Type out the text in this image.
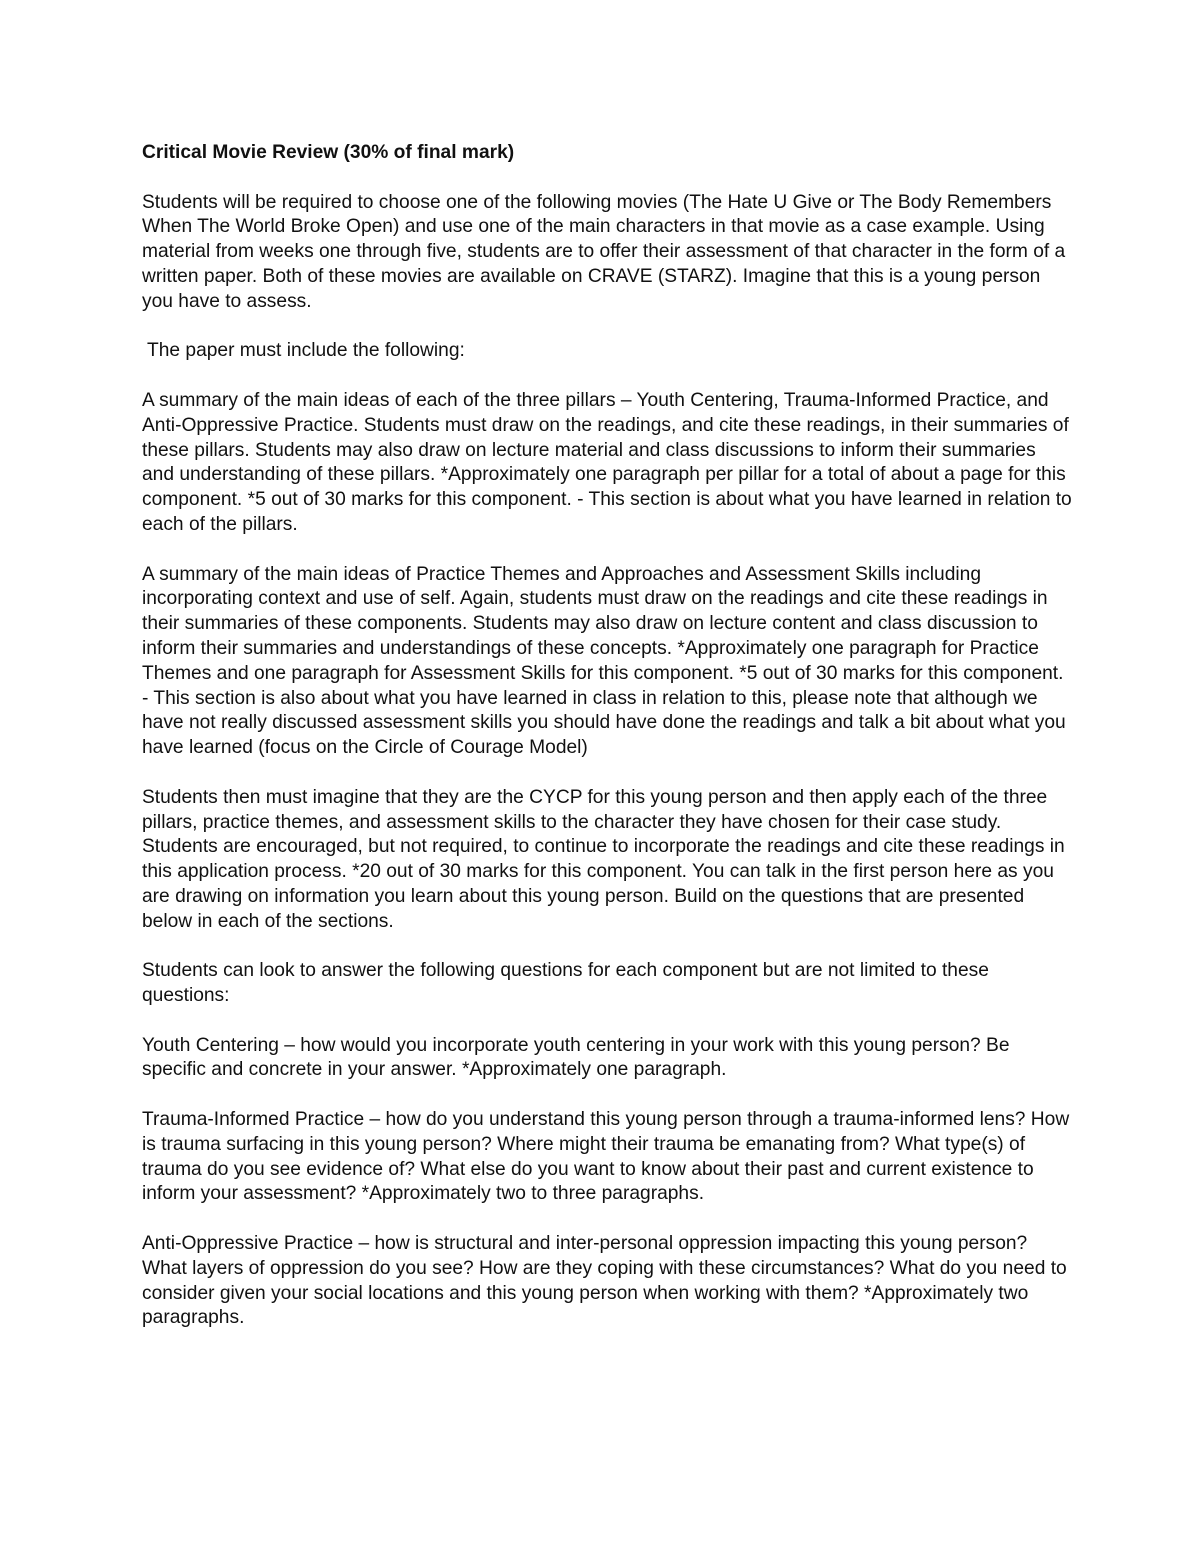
Critical Movie Review (30% of final mark)

Students will be required to choose one of the following movies (The Hate U Give or The Body Remembers When The World Broke Open) and use one of the main characters in that movie as a case example. Using material from weeks one through five, students are to offer their assessment of that character in the form of a written paper. Both of these movies are available on CRAVE (STARZ). Imagine that this is a young person you have to assess.

The paper must include the following:

A summary of the main ideas of each of the three pillars – Youth Centering, Trauma-Informed Practice, and Anti-Oppressive Practice. Students must draw on the readings, and cite these readings, in their summaries of these pillars. Students may also draw on lecture material and class discussions to inform their summaries and understanding of these pillars. *Approximately one paragraph per pillar for a total of about a page for this component. *5 out of 30 marks for this component. - This section is about what you have learned in relation to each of the pillars.

A summary of the main ideas of Practice Themes and Approaches and Assessment Skills including incorporating context and use of self. Again, students must draw on the readings and cite these readings in their summaries of these components. Students may also draw on lecture content and class discussion to inform their summaries and understandings of these concepts. *Approximately one paragraph for Practice Themes and one paragraph for Assessment Skills for this component. *5 out of 30 marks for this component. - This section is also about what you have learned in class in relation to this, please note that although we have not really discussed assessment skills you should have done the readings and talk a bit about what you have learned (focus on the Circle of Courage Model)

Students then must imagine that they are the CYCP for this young person and then apply each of the three pillars, practice themes, and assessment skills to the character they have chosen for their case study. Students are encouraged, but not required, to continue to incorporate the readings and cite these readings in this application process. *20 out of 30 marks for this component. You can talk in the first person here as you are drawing on information you learn about this young person. Build on the questions that are presented below in each of the sections.

Students can look to answer the following questions for each component but are not limited to these questions:

Youth Centering – how would you incorporate youth centering in your work with this young person? Be specific and concrete in your answer. *Approximately one paragraph.

Trauma-Informed Practice – how do you understand this young person through a trauma-informed lens? How is trauma surfacing in this young person? Where might their trauma be emanating from? What type(s) of trauma do you see evidence of? What else do you want to know about their past and current existence to inform your assessment? *Approximately two to three paragraphs.

Anti-Oppressive Practice – how is structural and inter-personal oppression impacting this young person? What layers of oppression do you see? How are they coping with these circumstances? What do you need to consider given your social locations and this young person when working with them? *Approximately two paragraphs.
